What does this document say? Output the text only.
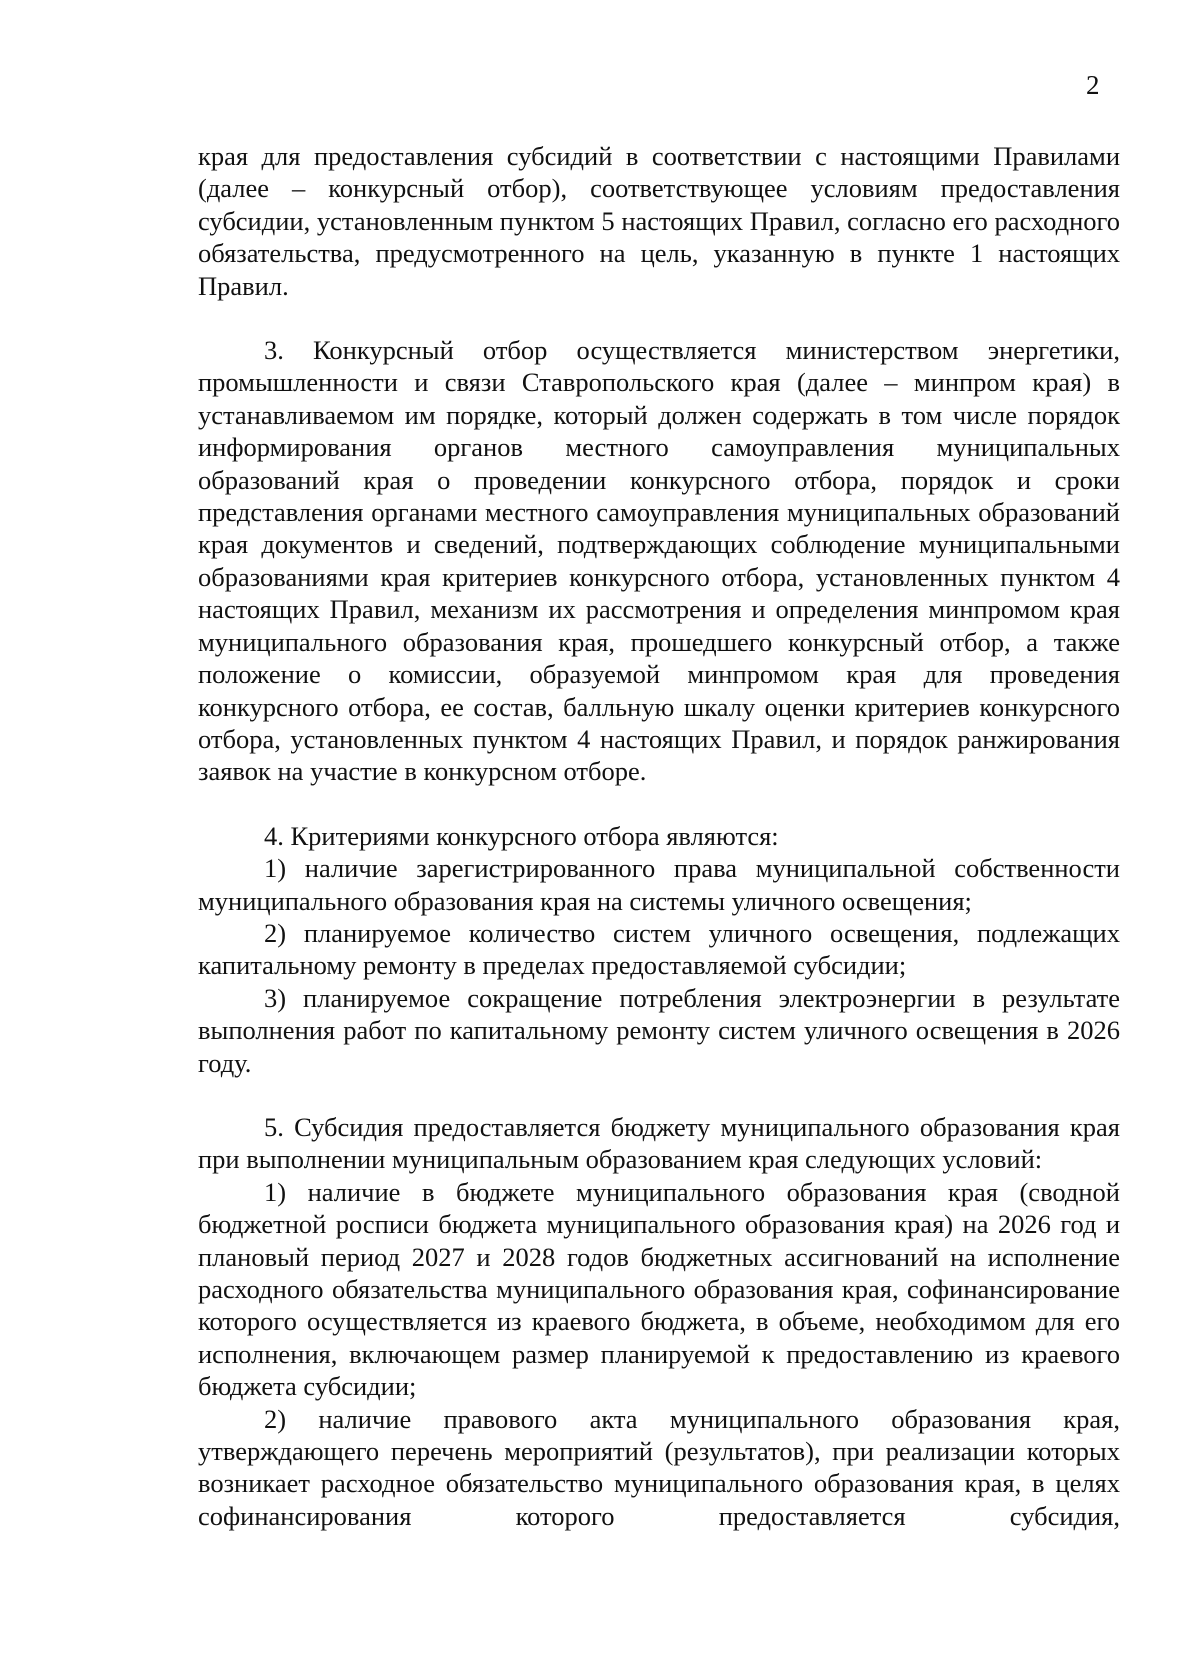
2

края для предоставления субсидий в соответствии с настоящими Правилами (далее – конкурсный отбор), соответствующее условиям предоставления субсидии, установленным пунктом 5 настоящих Правил, согласно его расходного обязательства, предусмотренного на цель, указанную в пункте 1 настоящих Правил.

3. Конкурсный отбор осуществляется министерством энергетики, промышленности и связи Ставропольского края (далее – минпром края) в устанавливаемом им порядке, который должен содержать в том числе порядок информирования органов местного самоуправления муниципальных образований края о проведении конкурсного отбора, порядок и сроки представления органами местного самоуправления муниципальных образований края документов и сведений, подтверждающих соблюдение муниципальными образованиями края критериев конкурсного отбора, установленных пунктом 4 настоящих Правил, механизм их рассмотрения и определения минпромом края муниципального образования края, прошедшего конкурсный отбор, а также положение о комиссии, образуемой минпромом края для проведения конкурсного отбора, ее состав, балльную шкалу оценки критериев конкурсного отбора, установленных пунктом 4 настоящих Правил, и порядок ранжирования заявок на участие в конкурсном отборе.

4. Критериями конкурсного отбора являются:

1) наличие зарегистрированного права муниципальной собственности муниципального образования края на системы уличного освещения;

2) планируемое количество систем уличного освещения, подлежащих капитальному ремонту в пределах предоставляемой субсидии;

3) планируемое сокращение потребления электроэнергии в результате выполнения работ по капитальному ремонту систем уличного освещения в 2026 году.

5. Субсидия предоставляется бюджету муниципального образования края при выполнении муниципальным образованием края следующих условий:

1) наличие в бюджете муниципального образования края (сводной бюджетной росписи бюджета муниципального образования края) на 2026 год и плановый период 2027 и 2028 годов бюджетных ассигнований на исполнение расходного обязательства муниципального образования края, софинансирование которого осуществляется из краевого бюджета, в объеме, необходимом для его исполнения, включающем размер планируемой к предоставлению из краевого бюджета субсидии;

2) наличие правового акта муниципального образования края, утверждающего перечень мероприятий (результатов), при реализации которых возникает расходное обязательство муниципального образования края, в целях софинансирования которого предоставляется субсидия,
